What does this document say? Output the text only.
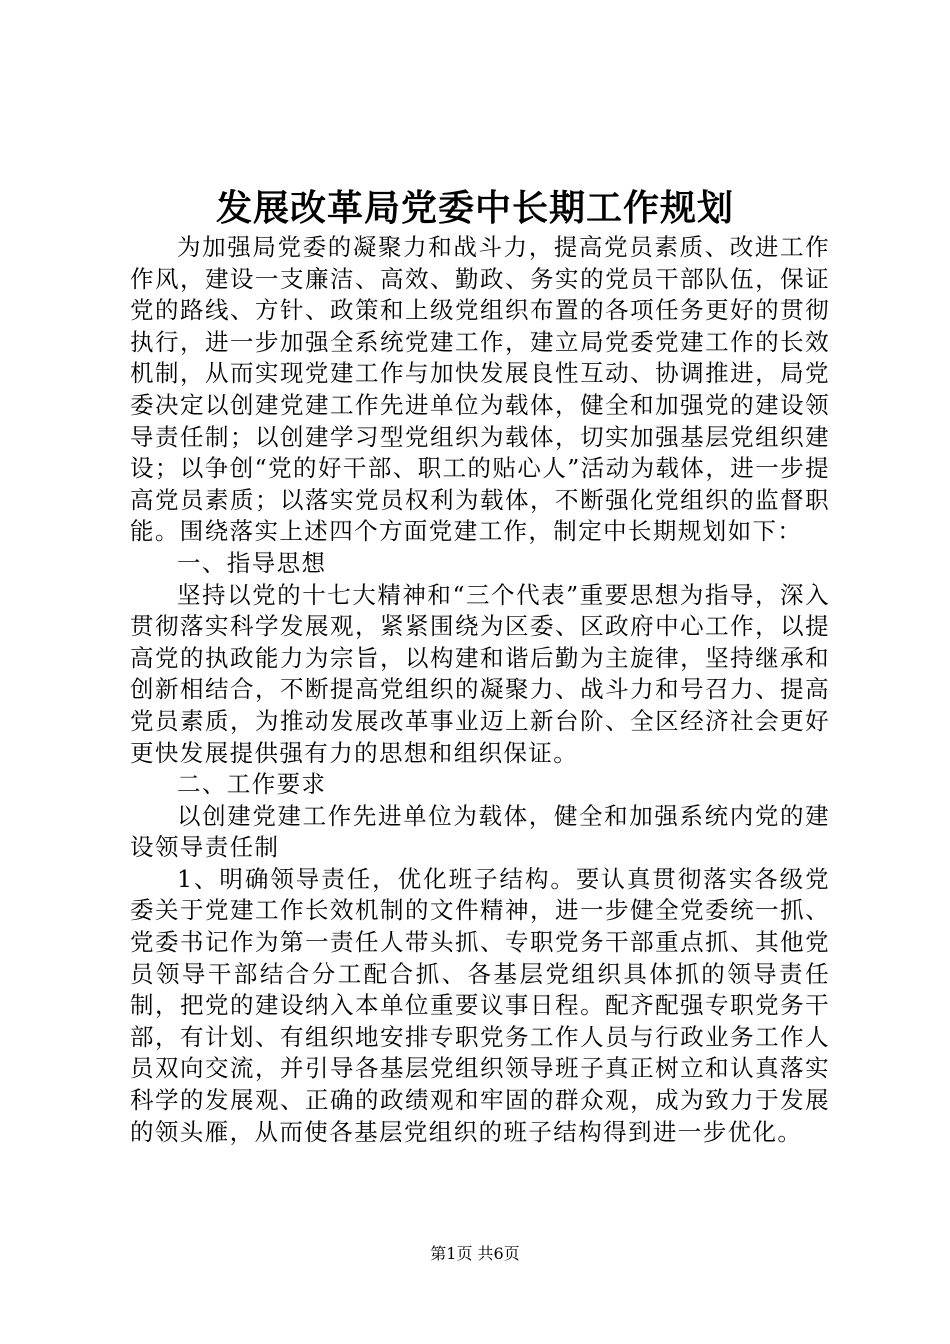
发展改革局党委中长期工作规划

为加强局党委的凝聚力和战斗力，提高党员素质、改进工作作风，建设一支廉洁、高效、勤政、务实的党员干部队伍，保证党的路线、方针、政策和上级党组织布置的各项任务更好的贯彻执行，进一步加强全系统党建工作，建立局党委党建工作的长效机制，从而实现党建工作与加快发展良性互动、协调推进，局党委决定以创建党建工作先进单位为载体，健全和加强党的建设领导责任制；以创建学习型党组织为载体，切实加强基层党组织建设；以争创“党的好干部、职工的贴心人”活动为载体，进一步提高党员素质；以落实党员权利为载体，不断强化党组织的监督职能。围绕落实上述四个方面党建工作，制定中长期规划如下：

一、指导思想

坚持以党的十七大精神和“三个代表”重要思想为指导，深入贯彻落实科学发展观，紧紧围绕为区委、区政府中心工作，以提高党的执政能力为宗旨，以构建和谐后勤为主旋律，坚持继承和创新相结合，不断提高党组织的凝聚力、战斗力和号召力、提高党员素质，为推动发展改革事业迈上新台阶、全区经济社会更好更快发展提供强有力的思想和组织保证。

二、工作要求

以创建党建工作先进单位为载体，健全和加强系统内党的建设领导责任制

1、明确领导责任，优化班子结构。要认真贯彻落实各级党委关于党建工作长效机制的文件精神，进一步健全党委统一抓、党委书记作为第一责任人带头抓、专职党务干部重点抓、其他党员领导干部结合分工配合抓、各基层党组织具体抓的领导责任制，把党的建设纳入本单位重要议事日程。配齐配强专职党务干部，有计划、有组织地安排专职党务工作人员与行政业务工作人员双向交流，并引导各基层党组织领导班子真正树立和认真落实科学的发展观、正确的政绩观和牢固的群众观，成为致力于发展的领头雁，从而使各基层党组织的班子结构得到进一步优化。

第1页 共6页
